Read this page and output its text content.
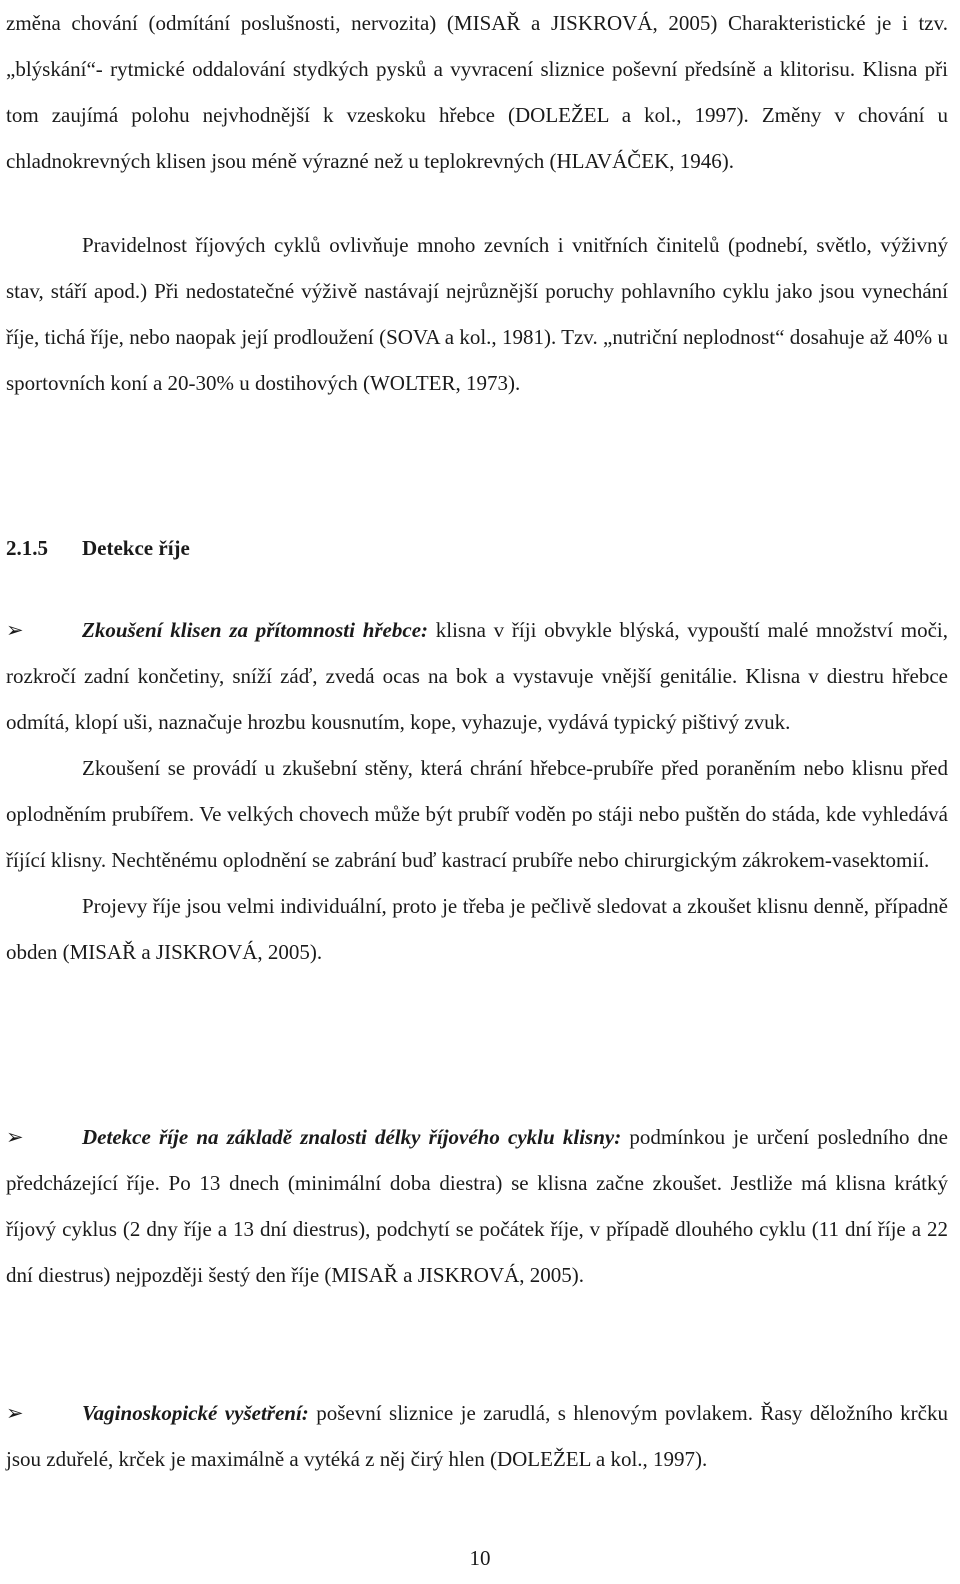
změna chování (odmítání poslušnosti, nervozita) (MISAŘ a JISKROVÁ, 2005) Charakteristické je i tzv. „blýskání“- rytmické oddalování stydkých pysků a vyvracení sliznice poševní předsíně a klitorisu. Klisna při tom zaujímá polohu nejvhodnější k vzeskoku hřebce (DOLEŽEL a kol., 1997). Změny v chování u chladnokrevných klisen jsou méně výrazné než u teplokrevných (HLAVÁČEK, 1946).

Pravidelnost říjových cyklů ovlivňuje mnoho zevních i vnitřních činitelů (podnebí, světlo, výživný stav, stáří apod.) Při nedostatečné výživě nastávají nejrůznější poruchy pohlavního cyklu jako jsou vynechání říje, tichá říje, nebo naopak její prodloužení (SOVA a kol., 1981). Tzv. „nutriční neplodnost“ dosahuje až 40% u sportovních koní a 20-30% u dostihových (WOLTER, 1973).

2.1.5 Detekce říje

➢	Zkoušení klisen za přítomnosti hřebce: klisna v říji obvykle blýská, vypouští malé množství moči, rozkročí zadní končetiny, sníží záď, zvedá ocas na bok a vystavuje vnější genitálie. Klisna v diestru hřebce odmítá, klopí uši, naznačuje hrozbu kousnutím, kope, vyhazuje, vydává typický pištivý zvuk.

Zkoušení se provádí u zkušební stěny, která chrání hřebce-prubíře před poraněním nebo klisnu před oplodněním prubířem. Ve velkých chovech může být prubíř voděn po stáji nebo puštěn do stáda, kde vyhledává říjící klisny. Nechtěnému oplodnění se zabrání buď kastrací prubíře nebo chirurgickým zákrokem-vasektomií.

Projevy říje jsou velmi individuální, proto je třeba je pečlivě sledovat a zkoušet klisnu denně, případně obden (MISAŘ a JISKROVÁ, 2005).

➢	Detekce říje na základě znalosti délky říjového cyklu klisny: podmínkou je určení posledního dne předcházející říje. Po 13 dnech (minimální doba diestra) se klisna začne zkoušet. Jestliže má klisna krátký říjový cyklus (2 dny říje a 13 dní diestrus), podchytí se počátek říje, v případě dlouhého cyklu (11 dní říje a 22 dní diestrus) nejpozději šestý den říje (MISAŘ a JISKROVÁ, 2005).

➢	Vaginoskopické vyšetření: poševní sliznice je zarudlá, s hlenovým povlakem. Řasy děložního krčku jsou zduřelé, krček je maximálně a vytéká z něj čirý hlen (DOLEŽEL a kol., 1997).

10
